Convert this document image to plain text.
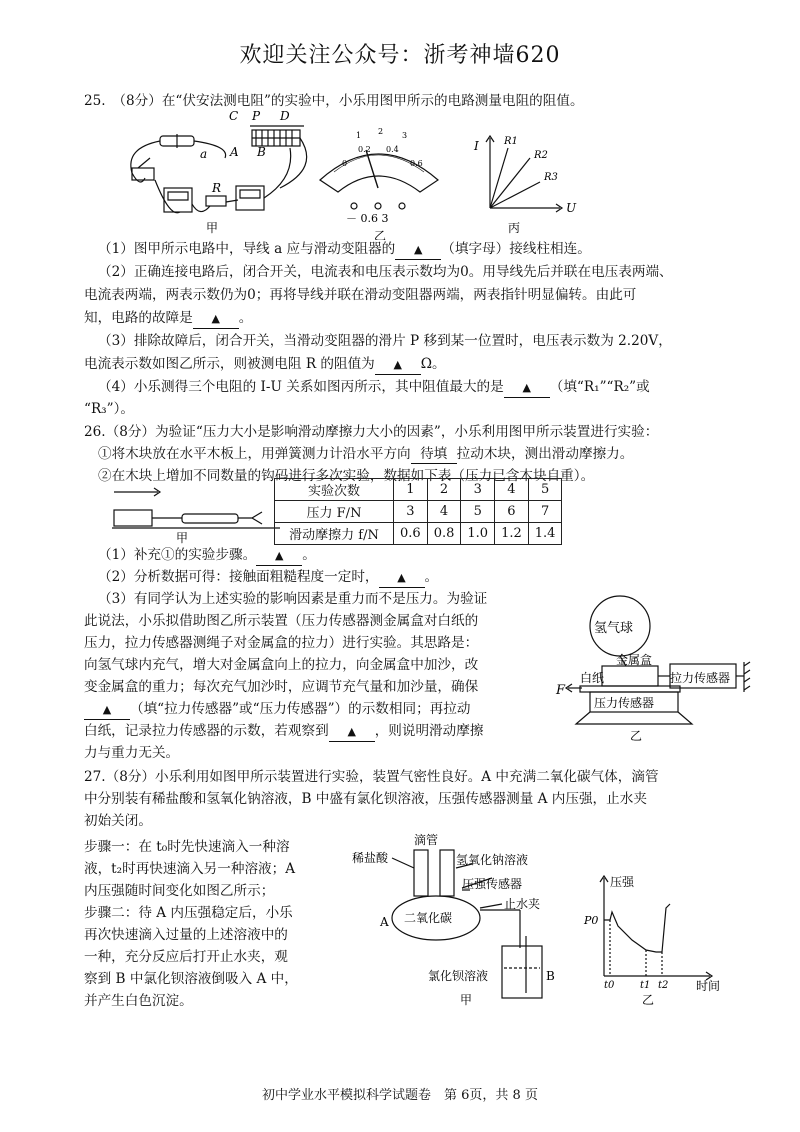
欢迎关注公众号：浙考神墙620
25.　（8分）在“伏安法测电阻”的实验中，小乐用图甲所示的电路测量电阻的阻值。
C P D
A B
a
R
甲
0
0.2 0.4
0.6
1 2 3
－ 0.6 3
乙
I
U
R1
R2
R3
丙
（1）图甲所示电路中，导线 a 应与滑动变阻器的 ▲ （填字母）接线柱相连。
（2）正确连接电路后，闭合开关，电流表和电压表示数均为0。用导线先后并联在电压表两端、
电流表两端，两表示数仍为0；再将导线并联在滑动变阻器两端，两表指针明显偏转。由此可
知，电路的故障是 ▲ 。
（3）排除故障后，闭合开关，当滑动变阻器的滑片 P 移到某一位置时，电压表示数为 2.20V，
电流表示数如图乙所示，则被测电阻 R 的阻值为 ▲ Ω。
（4）小乐测得三个电阻的 I-U 关系如图丙所示，其中阻值最大的是 ▲ （填“R₁”“R₂”或
“R₃”）。
26.（8分）为验证“压力大小是影响滑动摩擦力大小的因素”，小乐利用图甲所示装置进行实验：
①将木块放在水平木板上，用弹簧测力计沿水平方向 待填 拉动木块，测出滑动摩擦力。
②在木块上增加不同数量的钩码进行多次实验，数据如下表（压力已含木块自重）。
甲
实验次数	1	2	3	4	5
压力 F/N	3	4	5	6	7
滑动摩擦力 f/N	0.6	0.8	1.0	1.2	1.4
（1）补充①的实验步骤。 ▲ 。
（2）分析数据可得：接触面粗糙程度一定时， ▲ 。
（3）有同学认为上述实验的影响因素是重力而不是压力。为验证
此说法，小乐拟借助图乙所示装置（压力传感器测金属盒对白纸的
压力，拉力传感器测绳子对金属盒的拉力）进行实验。其思路是：
向氢气球内充气，增大对金属盒向上的拉力，向金属盒中加沙，改
变金属盒的重力；每次充气加沙时，应调节充气量和加沙量，确保
▲ （填“拉力传感器”或“压力传感器”）的示数相同；再拉动
白纸，记录拉力传感器的示数，若观察到 ▲ ，则说明滑动摩擦
力与重力无关。
氢气球
金属盒
白纸	拉力传感器
压力传感器
F
乙
27.（8分）小乐利用如图甲所示装置进行实验，装置气密性良好。A 中充满二氧化碳气体，滴管
中分别装有稀盐酸和氢氧化钠溶液，B 中盛有氯化钡溶液，压强传感器测量 A 内压强，止水夹
初始关闭。
步骤一：在 t₀时先快速滴入一种溶
液，t₂时再快速滴入另一种溶液；A
内压强随时间变化如图乙所示；
步骤二：待 A 内压强稳定后，小乐
再次快速滴入过量的上述溶液中的
一种，充分反应后打开止水夹，观
察到 B 中氯化钡溶液倒吸入 A 中，
并产生白色沉淀。
滴管
稀盐酸	氢氧化钠溶液
压强传感器
止水夹
二氧化碳
A
B
氯化钡溶液
甲
压强
时间
P0
t0	t1 t2
乙
初中学业水平模拟科学试题卷　第 6页，共 8 页
